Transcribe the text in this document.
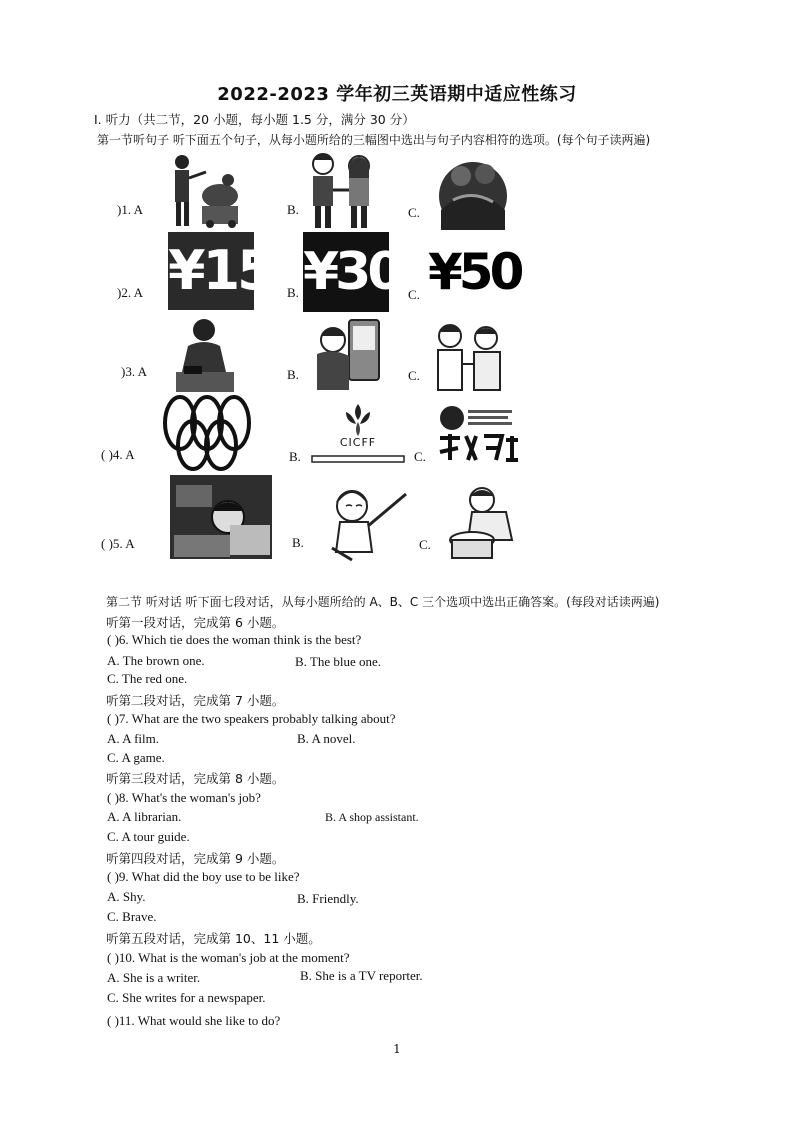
2022-2023 学年初三英语期中适应性练习
Ⅰ. 听力（共二节，20 小题，每小题 1.5 分，满分 30 分）
第一节听句子 听下面五个句子，从每小题所给的三幅图中选出与句子内容相符的选项。(每个句子读两遍)
)1. A	B.	C.
)2. A ¥15 B. ¥30 C. ¥50
)3. A	B.	C.
( )4. A	B.
CICFF
C.
( )5. A	B.	C.
第二节 听对话 听下面七段对话，从每小题所给的 A、B、C 三个选项中选出正确答案。(每段对话读两遍)
听第一段对话，完成第 6 小题。
( )6. Which tie does the woman think is the best?
A. The brown one.	B. The blue one.
C. The red one.
听第二段对话，完成第 7 小题。
( )7. What are the two speakers probably talking about?
A. A film.	B. A novel.
C. A game.
听第三段对话，完成第 8 小题。
( )8. What's the woman's job?
A. A librarian.	B. A shop assistant.
C. A tour guide.
听第四段对话，完成第 9 小题。
( )9. What did the boy use to be like?
A. Shy.	B. Friendly.
C. Brave.
听第五段对话，完成第 10、11 小题。
( )10. What is the woman's job at the moment?
A. She is a writer.	B. She is a TV reporter.
C. She writes for a newspaper.
( )11. What would she like to do?
1
